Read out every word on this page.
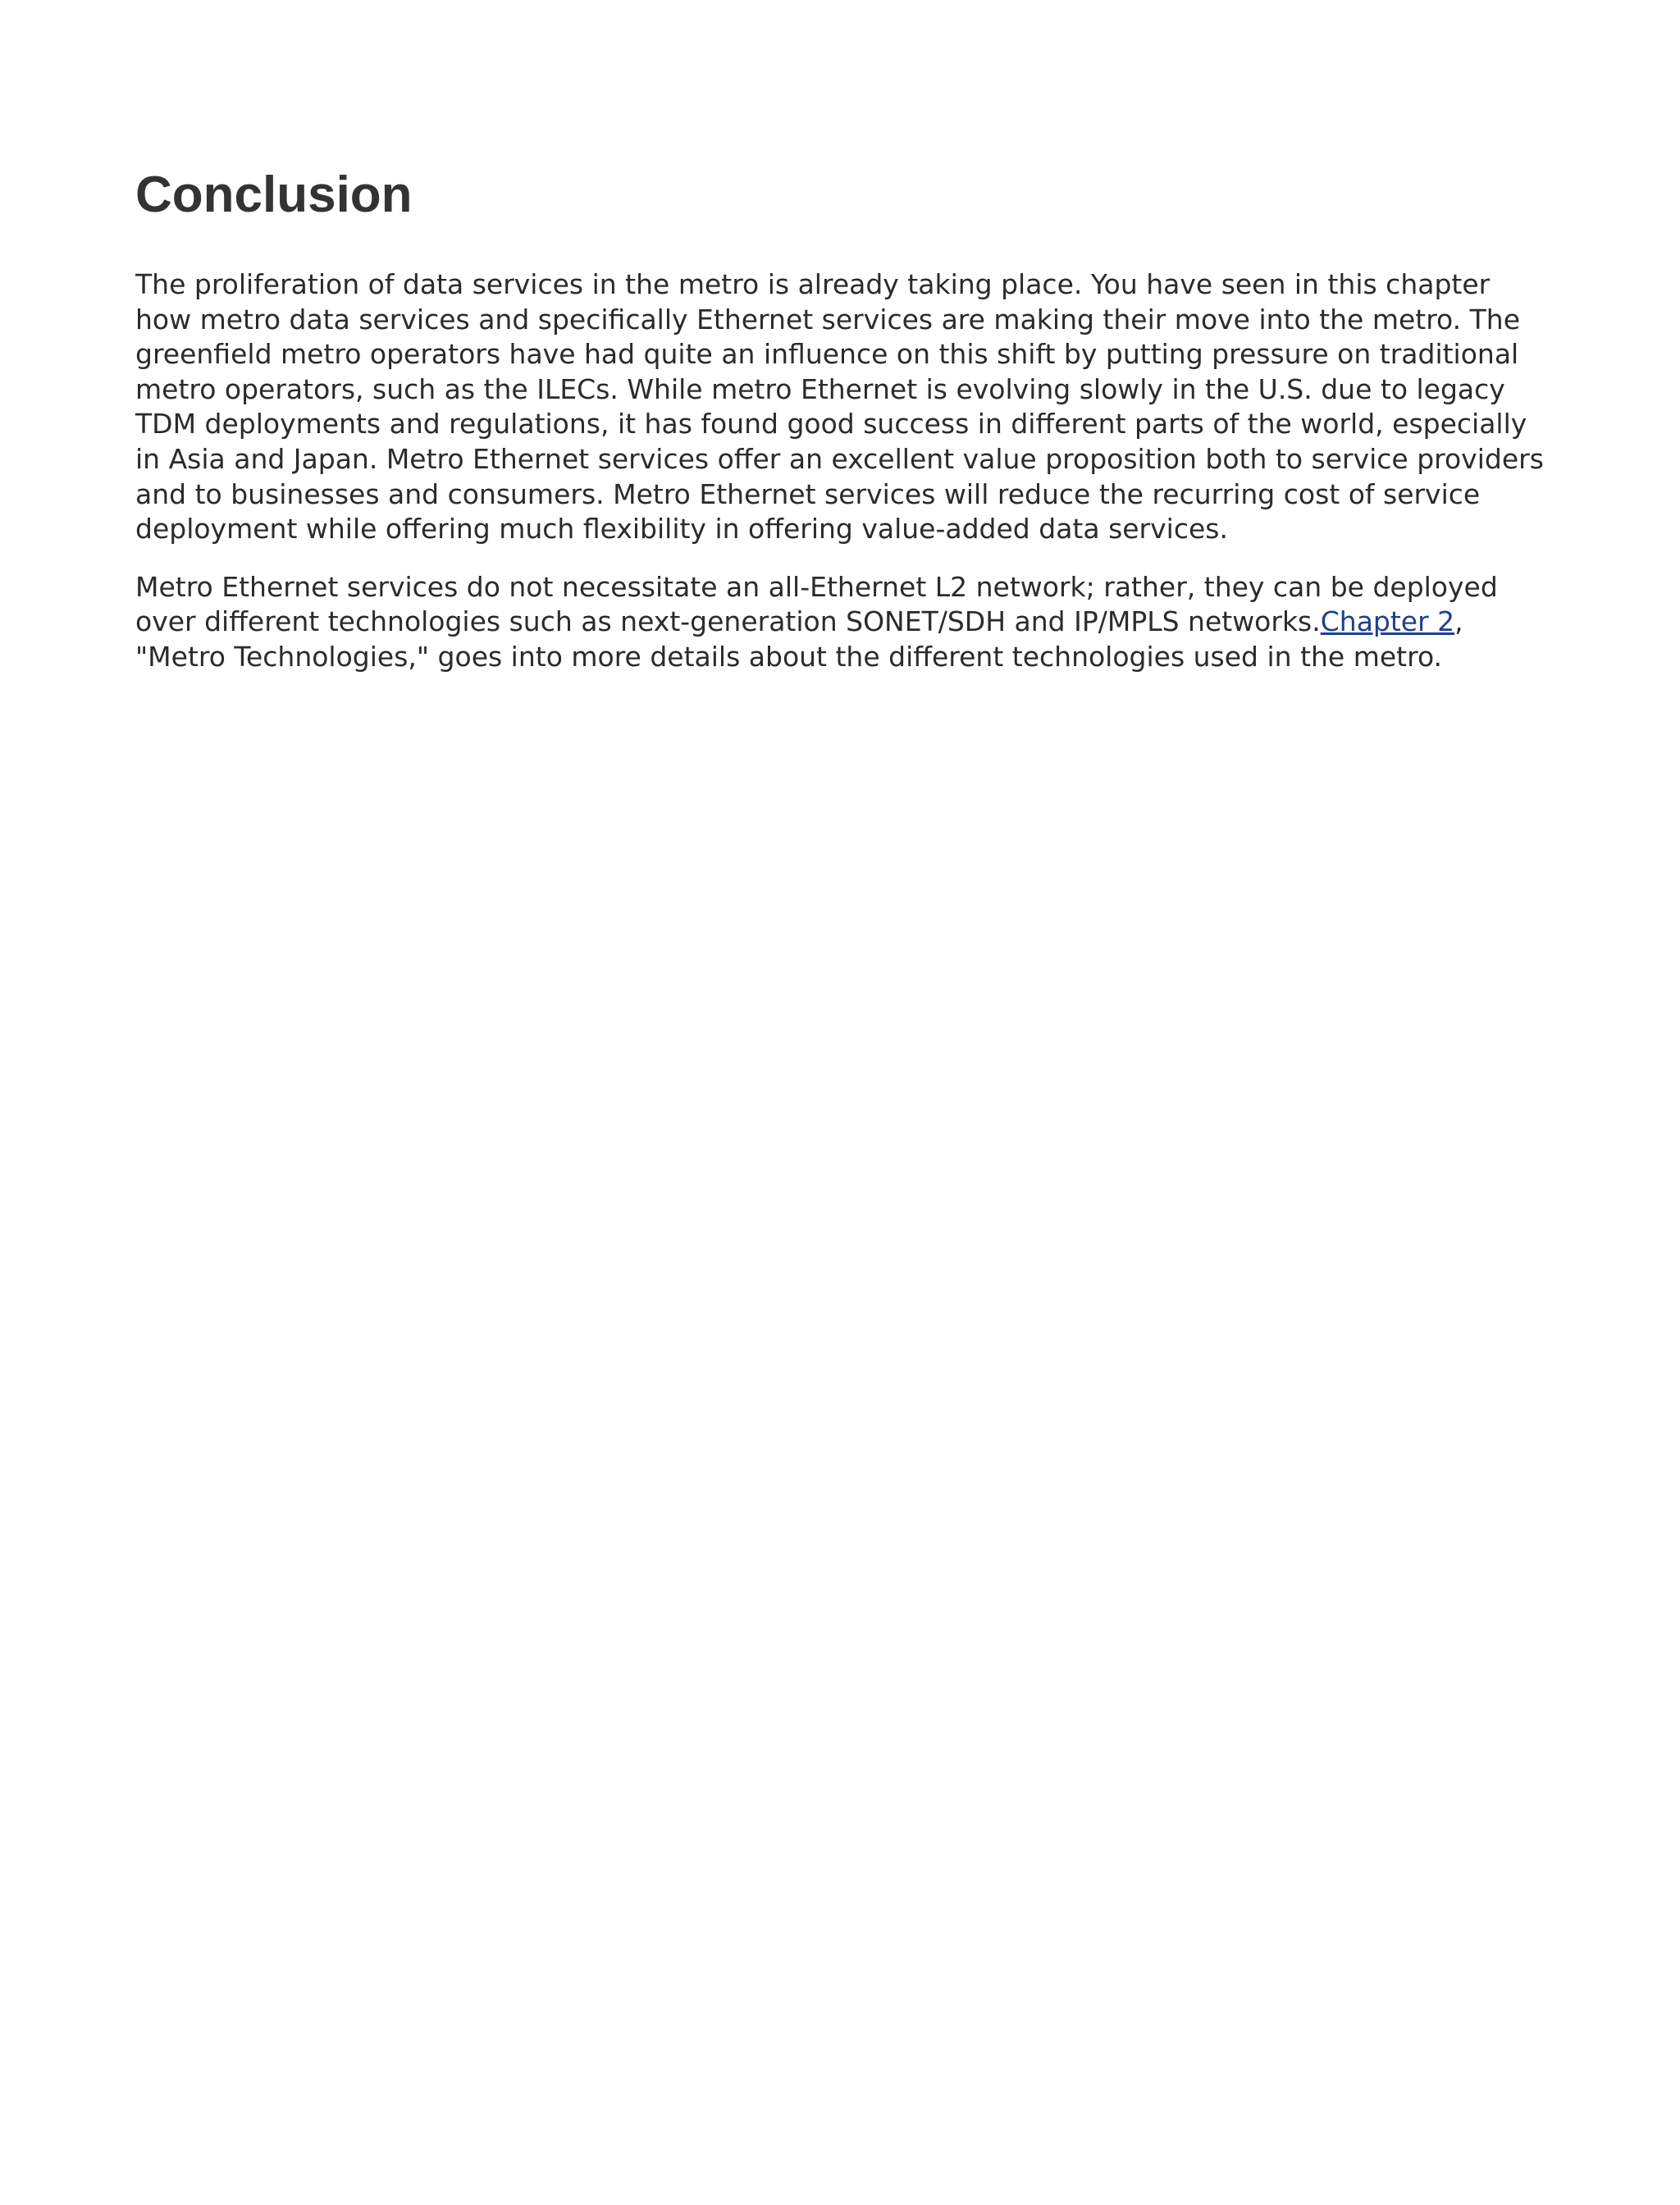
Conclusion

The proliferation of data services in the metro is already taking place. You have seen in this chapter how metro data services and specifically Ethernet services are making their move into the metro. The greenfield metro operators have had quite an influence on this shift by putting pressure on traditional metro operators, such as the ILECs. While metro Ethernet is evolving slowly in the U.S. due to legacy TDM deployments and regulations, it has found good success in different parts of the world, especially in Asia and Japan. Metro Ethernet services offer an excellent value proposition both to service providers and to businesses and consumers. Metro Ethernet services will reduce the recurring cost of service deployment while offering much flexibility in offering value-added data services.

Metro Ethernet services do not necessitate an all-Ethernet L2 network; rather, they can be deployed over different technologies such as next-generation SONET/SDH and IP/MPLS networks.Chapter 2, "Metro Technologies," goes into more details about the different technologies used in the metro.
